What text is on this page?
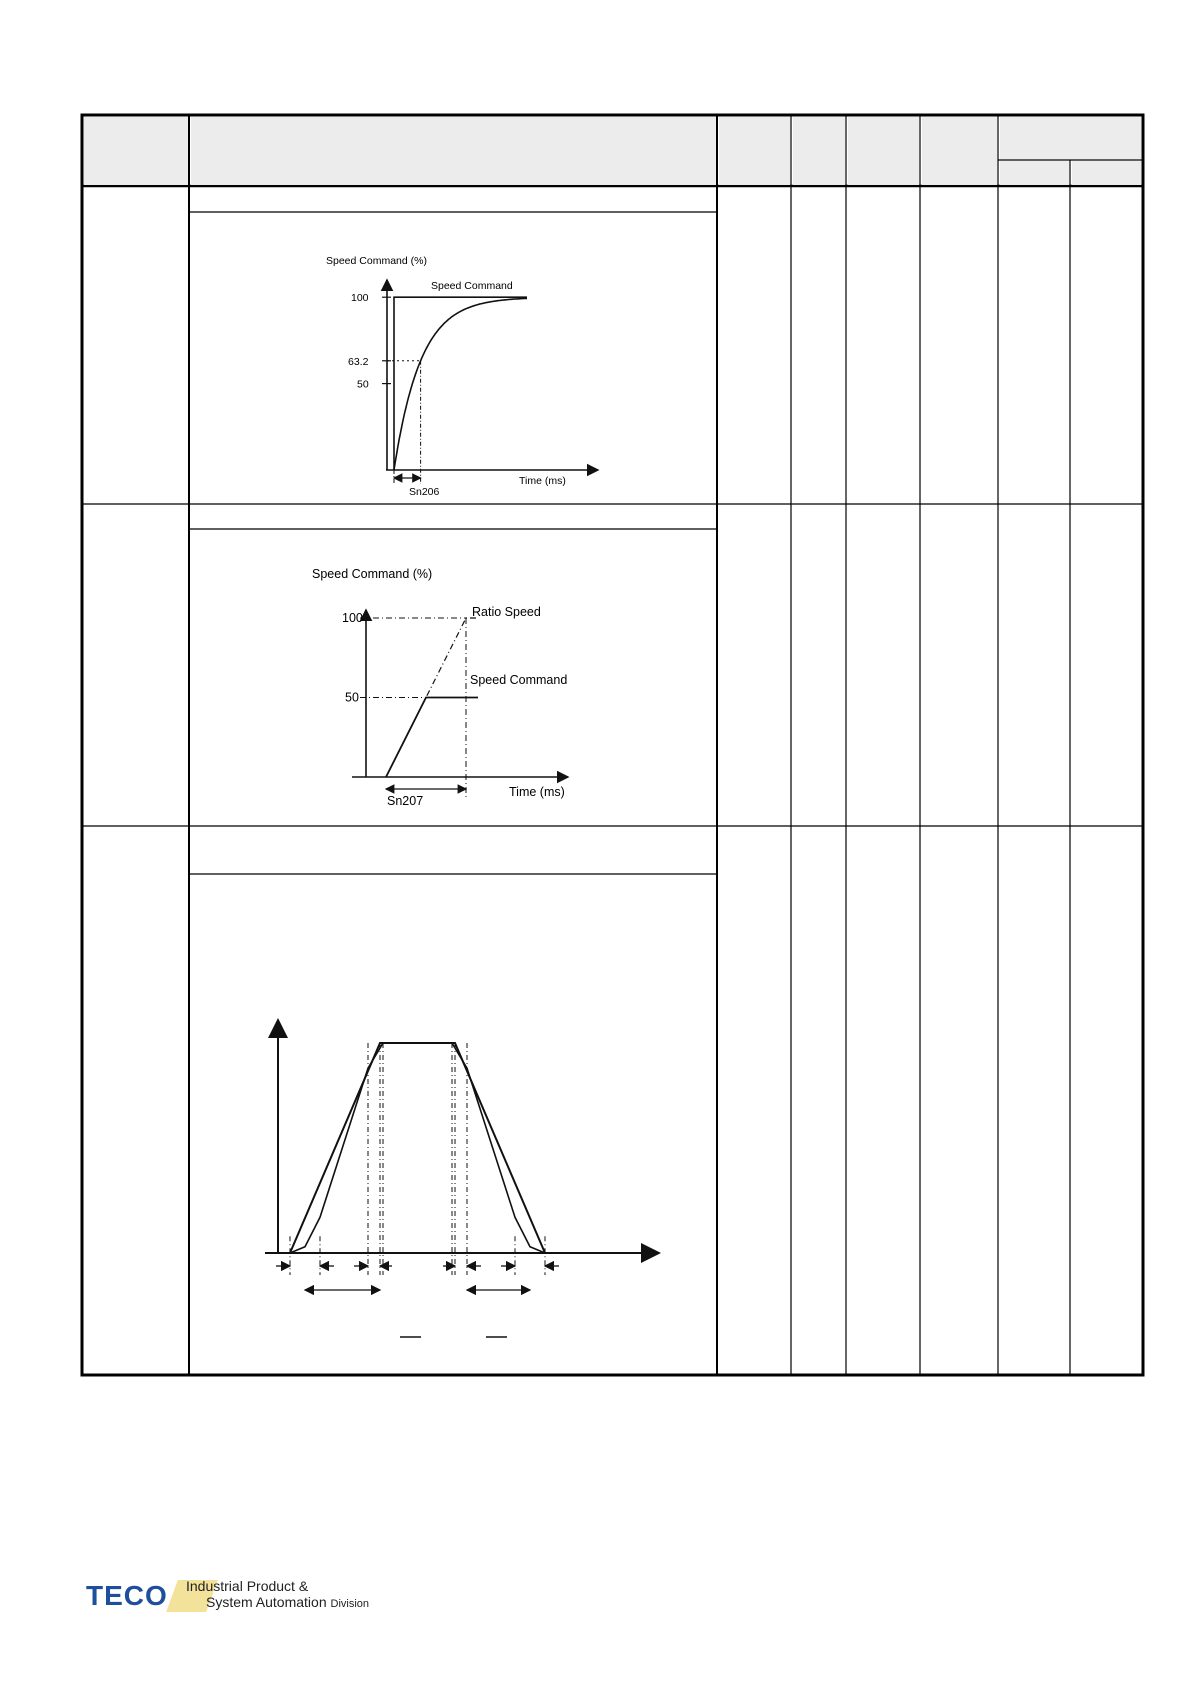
Speed Command (%)
Speed Command
Time (ms)
Sn206
100
63.2
50
Speed Command (%)
Ratio Speed
Speed Command
Time (ms)
Sn207
100
50
TECO Industrial Product &
System Automation Division
